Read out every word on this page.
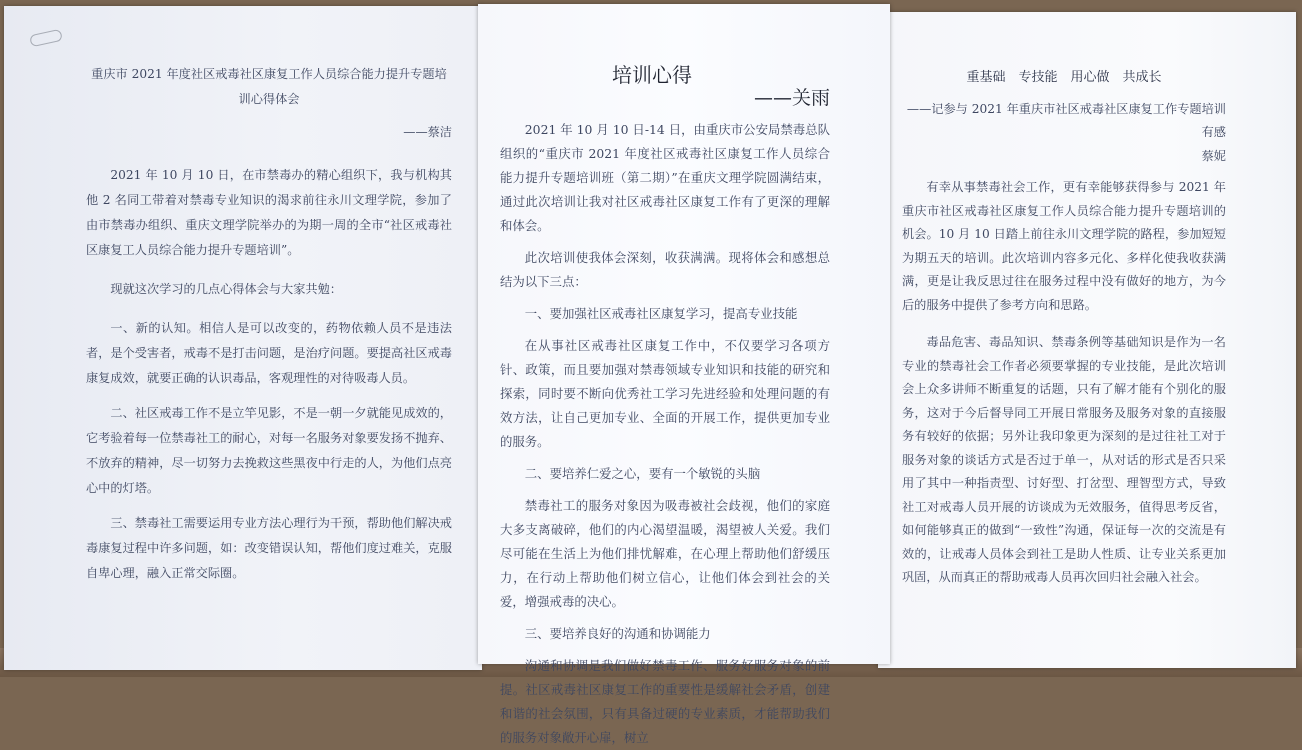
重庆市 2021 年度社区戒毒社区康复工作人员综合能力提升专题培训心得体会

——蔡洁

2021 年 10 月 10 日，在市禁毒办的精心组织下，我与机构其他 2 名同工带着对禁毒专业知识的渴求前往永川文理学院，参加了由市禁毒办组织、重庆文理学院举办的为期一周的全市“社区戒毒社区康复工人员综合能力提升专题培训”。

现就这次学习的几点心得体会与大家共勉：

一、新的认知。相信人是可以改变的，药物依赖人员不是违法者，是个受害者，戒毒不是打击问题，是治疗问题。要提高社区戒毒康复成效，就要正确的认识毒品，客观理性的对待吸毒人员。

二、社区戒毒工作不是立竿见影，不是一朝一夕就能见成效的，它考验着每一位禁毒社工的耐心，对每一名服务对象要发扬不抛弃、不放弃的精神，尽一切努力去挽救这些黑夜中行走的人，为他们点亮心中的灯塔。

三、禁毒社工需要运用专业方法心理行为干预，帮助他们解决戒毒康复过程中许多问题，如：改变错误认知，帮他们度过难关，克服自卑心理，融入正常交际圈。

培训心得

——关雨

2021 年 10 月 10 日-14 日，由重庆市公安局禁毒总队组织的“重庆市 2021 年度社区戒毒社区康复工作人员综合能力提升专题培训班（第二期）”在重庆文理学院圆满结束，通过此次培训让我对社区戒毒社区康复工作有了更深的理解和体会。

此次培训使我体会深刻，收获满满。现将体会和感想总结为以下三点：

一、要加强社区戒毒社区康复学习，提高专业技能

在从事社区戒毒社区康复工作中，不仅要学习各项方针、政策，而且要加强对禁毒领域专业知识和技能的研究和探索，同时要不断向优秀社工学习先进经验和处理问题的有效方法，让自己更加专业、全面的开展工作，提供更加专业的服务。

二、要培养仁爱之心，要有一个敏锐的头脑

禁毒社工的服务对象因为吸毒被社会歧视，他们的家庭大多支离破碎，他们的内心渴望温暖，渴望被人关爱。我们尽可能在生活上为他们排忧解难，在心理上帮助他们舒缓压力，在行动上帮助他们树立信心，让他们体会到社会的关爱，增强戒毒的决心。

三、要培养良好的沟通和协调能力

沟通和协调是我们做好禁毒工作、服务好服务对象的前提。社区戒毒社区康复工作的重要性是缓解社会矛盾，创建和谐的社会氛围，只有具备过硬的专业素质，才能帮助我们的服务对象敞开心扉，树立

重基础　专技能　用心做　共成长

——记参与 2021 年重庆市社区戒毒社区康复工作专题培训有感

蔡妮

有幸从事禁毒社会工作，更有幸能够获得参与 2021 年重庆市社区戒毒社区康复工作人员综合能力提升专题培训的机会。10 月 10 日踏上前往永川文理学院的路程，参加短短为期五天的培训。此次培训内容多元化、多样化使我收获满满，更是让我反思过往在服务过程中没有做好的地方，为今后的服务中提供了参考方向和思路。

毒品危害、毒品知识、禁毒条例等基础知识是作为一名专业的禁毒社会工作者必须要掌握的专业技能，是此次培训会上众多讲师不断重复的话题，只有了解才能有个别化的服务，这对于今后督导同工开展日常服务及服务对象的直接服务有较好的依据；另外让我印象更为深刻的是过往社工对于服务对象的谈话方式是否过于单一，从对话的形式是否只采用了其中一种指责型、讨好型、打岔型、理智型方式，导致社工对戒毒人员开展的访谈成为无效服务，值得思考反省，如何能够真正的做到“一致性”沟通，保证每一次的交流是有效的，让戒毒人员体会到社工是助人性质、让专业关系更加巩固，从而真正的帮助戒毒人员再次回归社会融入社会。
